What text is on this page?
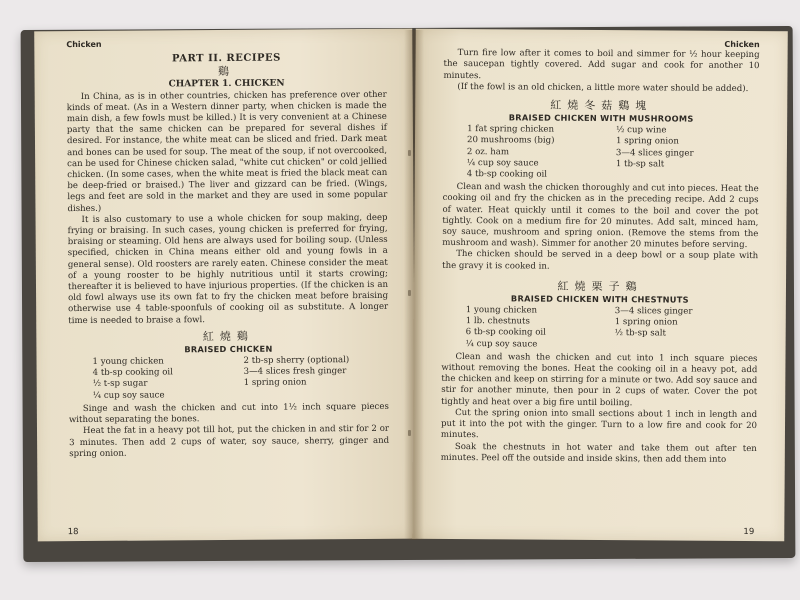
Chicken
PART II. RECIPES
鷄
CHAPTER 1. CHICKEN

In China, as is in other countries, chicken has preference over other kinds of meat. (As in a Western dinner party, when chicken is made the main dish, a few fowls must be killed.) It is very convenient at a Chinese party that the same chicken can be prepared for several dishes if desired. For instance, the white meat can be sliced and fried. Dark meat and bones can be used for soup. The meat of the soup, if not overcooked, can be used for Chinese chicken salad, "white cut chicken" or cold jellied chicken. (In some cases, when the white meat is fried the black meat can be deep-fried or braised.) The liver and gizzard can be fried. (Wings, legs and feet are sold in the market and they are used in some popular dishes.)

It is also customary to use a whole chicken for soup making, deep frying or braising. In such cases, young chicken is preferred for frying, braising or steaming. Old hens are always used for boiling soup. (Unless specified, chicken in China means either old and young fowls in a general sense). Old roosters are rarely eaten. Chinese consider the meat of a young rooster to be highly nutritious until it starts crowing; thereafter it is believed to have injurious properties. (If the chicken is an old fowl always use its own fat to fry the chicken meat before braising otherwise use 4 table-spoonfuls of cooking oil as substitute. A longer time is needed to braise a fowl.

紅燒鷄
BRAISED CHICKEN
1 young chicken	2 tb-sp sherry (optional)
4 tb-sp cooking oil	3—4 slices fresh ginger
½ t-sp sugar	1 spring onion
¼ cup soy sauce

Singe and wash the chicken and cut into 1½ inch square pieces without separating the bones.

Heat the fat in a heavy pot till hot, put the chicken in and stir for 2 or 3 minutes. Then add 2 cups of water, soy sauce, sherry, ginger and spring onion.

18
Chicken

Turn fire low after it comes to boil and simmer for ½ hour keeping the saucepan tightly covered. Add sugar and cook for another 10 minutes.

(If the fowl is an old chicken, a little more water should be added).

紅燒冬菇鷄塊
BRAISED CHICKEN WITH MUSHROOMS
1 fat spring chicken	½ cup wine
20 mushrooms (big)	1 spring onion
2 oz. ham	3—4 slices ginger
¼ cup soy sauce	1 tb-sp salt
4 tb-sp cooking oil

Clean and wash the chicken thoroughly and cut into pieces. Heat the cooking oil and fry the chicken as in the preceding recipe. Add 2 cups of water. Heat quickly until it comes to the boil and cover the pot tightly. Cook on a medium fire for 20 minutes. Add salt, minced ham, soy sauce, mushroom and spring onion. (Remove the stems from the mushroom and wash). Simmer for another 20 minutes before serving.

The chicken should be served in a deep bowl or a soup plate with the gravy it is cooked in.

紅燒栗子鷄
BRAISED CHICKEN WITH CHESTNUTS
1 young chicken	3—4 slices ginger
1 lb. chestnuts	1 spring onion
6 tb-sp cooking oil	½ tb-sp salt
¼ cup soy sauce

Clean and wash the chicken and cut into 1 inch square pieces without removing the bones. Heat the cooking oil in a heavy pot, add the chicken and keep on stirring for a minute or two. Add soy sauce and stir for another minute, then pour in 2 cups of water. Cover the pot tightly and heat over a big fire until boiling.

Cut the spring onion into small sections about 1 inch in length and put it into the pot with the ginger. Turn to a low fire and cook for 20 minutes.

Soak the chestnuts in hot water and take them out after ten minutes. Peel off the outside and inside skins, then add them into

19
